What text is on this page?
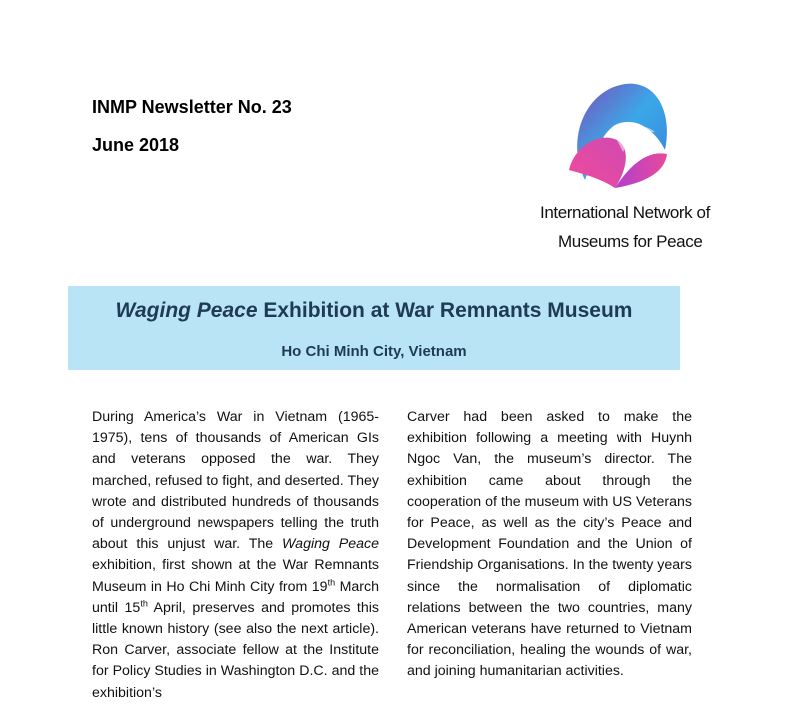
INMP Newsletter No. 23
June 2018
International Network of
Museums for Peace
Waging Peace Exhibition at War Remnants Museum
Ho Chi Minh City, Vietnam
During America’s War in Vietnam (1965-1975), tens of thousands of American GIs and veterans opposed the war. They marched, refused to fight, and deserted. They wrote and distributed hundreds of thousands of underground newspapers telling the truth about this unjust war. The Waging Peace exhibition, first shown at the War Remnants Museum in Ho Chi Minh City from 19th March until 15th April, preserves and promotes this little known history (see also the next article). Ron Carver, associate fellow at the Institute for Policy Studies in Washington D.C. and the exhibition’s
Carver had been asked to make the exhibition following a meeting with Huynh Ngoc Van, the museum’s director. The exhibition came about through the cooperation of the museum with US Veterans for Peace, as well as the city’s Peace and Development Foundation and the Union of Friendship Organisations. In the twenty years since the normalisation of diplomatic relations between the two countries, many American veterans have returned to Vietnam for reconciliation, healing the wounds of war, and joining humanitarian activities.
